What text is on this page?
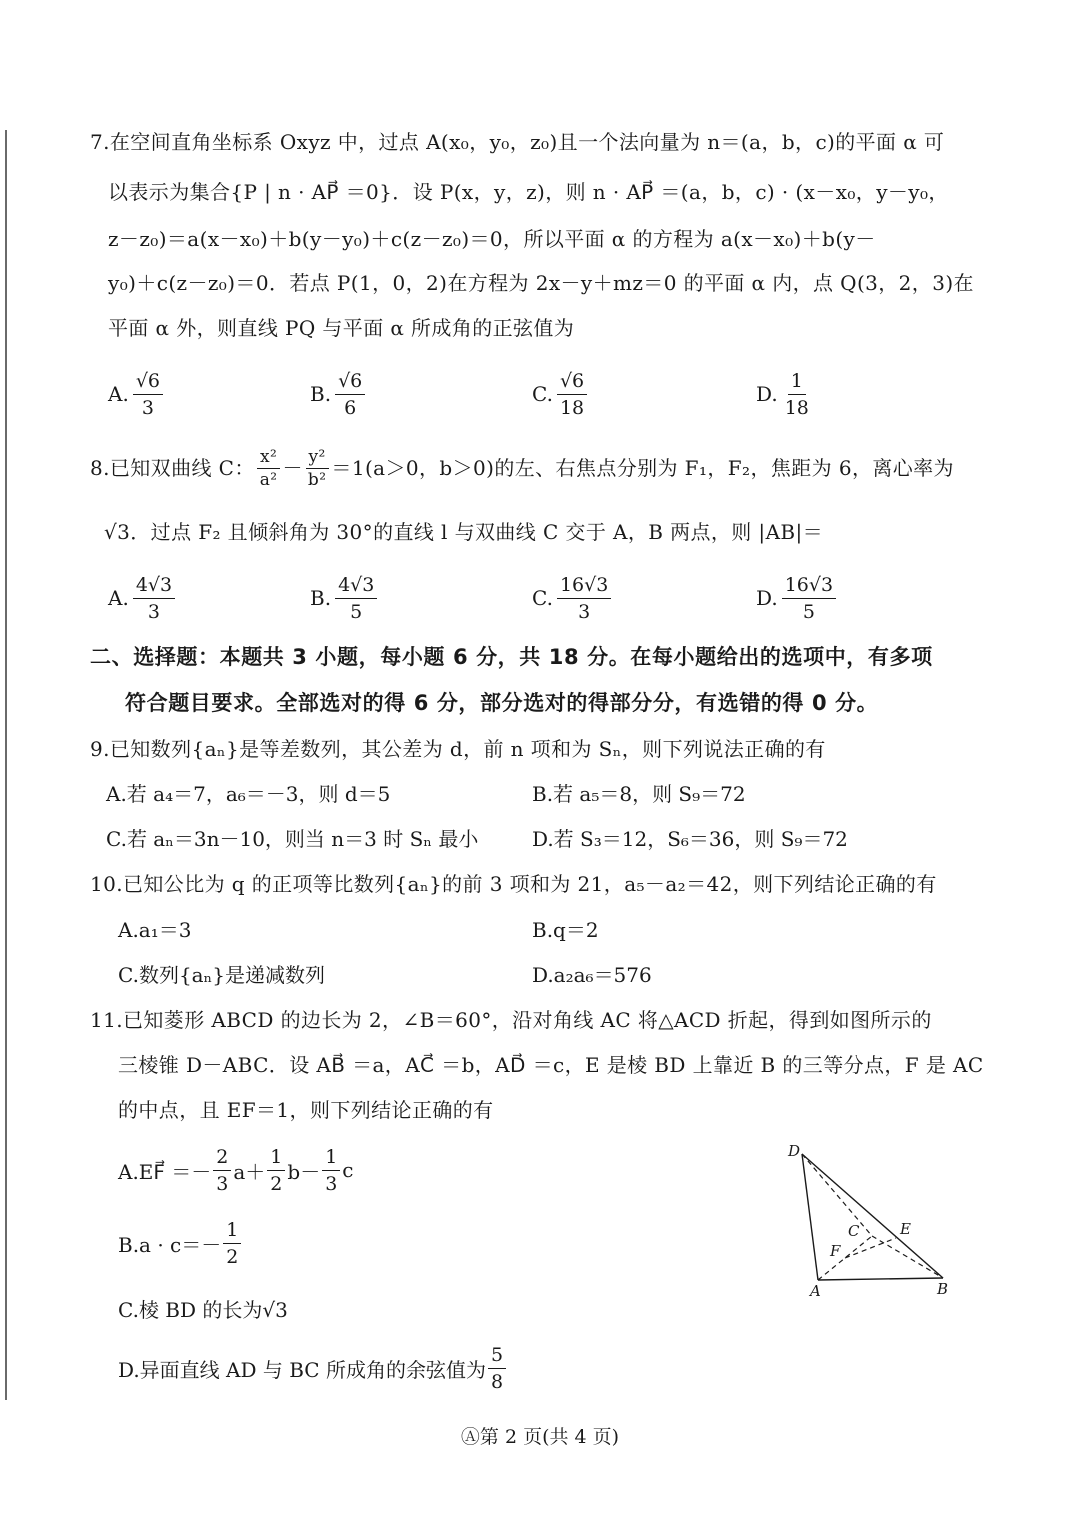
7.在空间直角坐标系 Oxyz 中，过点 A(x₀，y₀，z₀)且一个法向量为 n＝(a，b，c)的平面 α 可
以表示为集合{P | n · AP⃗ ＝0}．设 P(x，y，z)，则 n · AP⃗ ＝(a，b，c) · (x－x₀，y－y₀，
z－z₀)＝a(x－x₀)＋b(y－y₀)＋c(z－z₀)＝0，所以平面 α 的方程为 a(x－x₀)＋b(y－
y₀)＋c(z－z₀)＝0．若点 P(1，0，2)在方程为 2x－y＋mz＝0 的平面 α 内，点 Q(3，2，3)在
平面 α 外，则直线 PQ 与平面 α 所成角的正弦值为
A. $\frac{√6}{3}$	B. $\frac{√6}{6}$	C. $\frac{√6}{18}$	D. $\frac{1}{18}$
8.已知双曲线 C： $\frac{\text{x²}}{\text{a²}} - \frac{\text{y²}}{\text{b²}} =1(a>0$，b＞0)的左、右焦点分别为 F₁，F₂，焦距为 6，离心率为
√3．过点 F₂ 且倾斜角为 30°的直线 l 与双曲线 C 交于 A，B 两点，则 |AB|＝
A. $\frac{4√3}{3}$	B. $\frac{4√3}{5}$	C. $\frac{16√3}{3}$	D. $\frac{16√3}{5}$
二、选择题：本题共 3 小题，每小题 6 分，共 18 分。在每小题给出的选项中，有多项
符合题目要求。全部选对的得 6 分，部分选对的得部分分，有选错的得 0 分。
9.已知数列{aₙ}是等差数列，其公差为 d，前 n 项和为 Sₙ，则下列说法正确的有
A.若 a₄＝7，a₆＝－3，则 d＝5	B.若 a₅＝8，则 S₉＝72
C.若 aₙ＝3n－10，则当 n＝3 时 Sₙ 最小	D.若 S₃＝12，S₆＝36，则 S₉＝72
10.已知公比为 q 的正项等比数列{aₙ}的前 3 项和为 21，a₅－a₂＝42，则下列结论正确的有
A.a₁＝3	B.q＝2
C.数列{aₙ}是递减数列	D.a₂a₆＝576
11.已知菱形 ABCD 的边长为 2，∠B＝60°，沿对角线 AC 将△ACD 折起，得到如图所示的
三棱锥 D－ABC．设 AB⃗ ＝a，AC⃗ ＝b，AD⃗ ＝c，E 是棱 BD 上靠近 B 的三等分点，F 是 AC
的中点，且 EF＝1，则下列结论正确的有
A.EF⃗ ＝－ $\frac{2}{3} a+ \frac{1}{2} b- \frac{1}{3}$ c
$B.a \cdot c=- \frac{1}{2}$
C.棱 BD 的长为√3
D.异面直线 AD 与 BC 所成角的余弦值为 $\frac{5}{8}$
D
C	E
F
A	B
Ⓐ第 2 页(共 4 页)
